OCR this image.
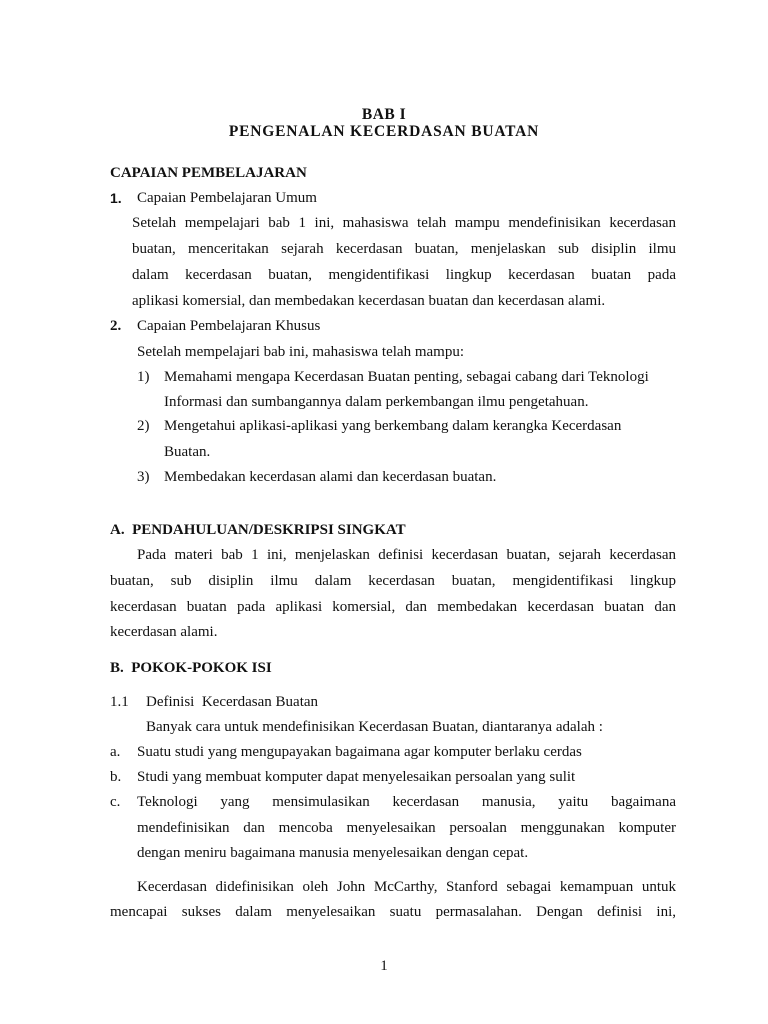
BAB I
PENGENALAN KECERDASAN BUATAN
CAPAIAN PEMBELAJARAN
1. Capaian Pembelajaran Umum
Setelah mempelajari bab 1 ini, mahasiswa telah mampu mendefinisikan kecerdasan
buatan, menceritakan sejarah kecerdasan buatan, menjelaskan sub disiplin ilmu
dalam kecerdasan buatan, mengidentifikasi lingkup kecerdasan buatan pada
aplikasi komersial, dan membedakan kecerdasan buatan dan kecerdasan alami.
2. Capaian Pembelajaran Khusus
Setelah mempelajari bab ini, mahasiswa telah mampu:
1) Memahami mengapa Kecerdasan Buatan penting, sebagai cabang dari Teknologi
Informasi dan sumbangannya dalam perkembangan ilmu pengetahuan.
2) Mengetahui aplikasi-aplikasi yang berkembang dalam kerangka Kecerdasan
Buatan.
3) Membedakan kecerdasan alami dan kecerdasan buatan.
A.  PENDAHULUAN/DESKRIPSI SINGKAT
Pada materi bab 1 ini, menjelaskan definisi kecerdasan buatan, sejarah kecerdasan
buatan, sub disiplin ilmu dalam kecerdasan buatan, mengidentifikasi lingkup
kecerdasan buatan pada aplikasi komersial, dan membedakan kecerdasan buatan dan
kecerdasan alami.
B.  POKOK-POKOK ISI
1.1 Definisi  Kecerdasan Buatan
Banyak cara untuk mendefinisikan Kecerdasan Buatan, diantaranya adalah :
a. Suatu studi yang mengupayakan bagaimana agar komputer berlaku cerdas
b. Studi yang membuat komputer dapat menyelesaikan persoalan yang sulit
c. Teknologi yang mensimulasikan kecerdasan manusia, yaitu bagaimana
mendefinisikan dan mencoba menyelesaikan persoalan menggunakan komputer
dengan meniru bagaimana manusia menyelesaikan dengan cepat.
Kecerdasan didefinisikan oleh John McCarthy, Stanford sebagai kemampuan untuk
mencapai sukses dalam menyelesaikan suatu permasalahan. Dengan definisi ini,
1
